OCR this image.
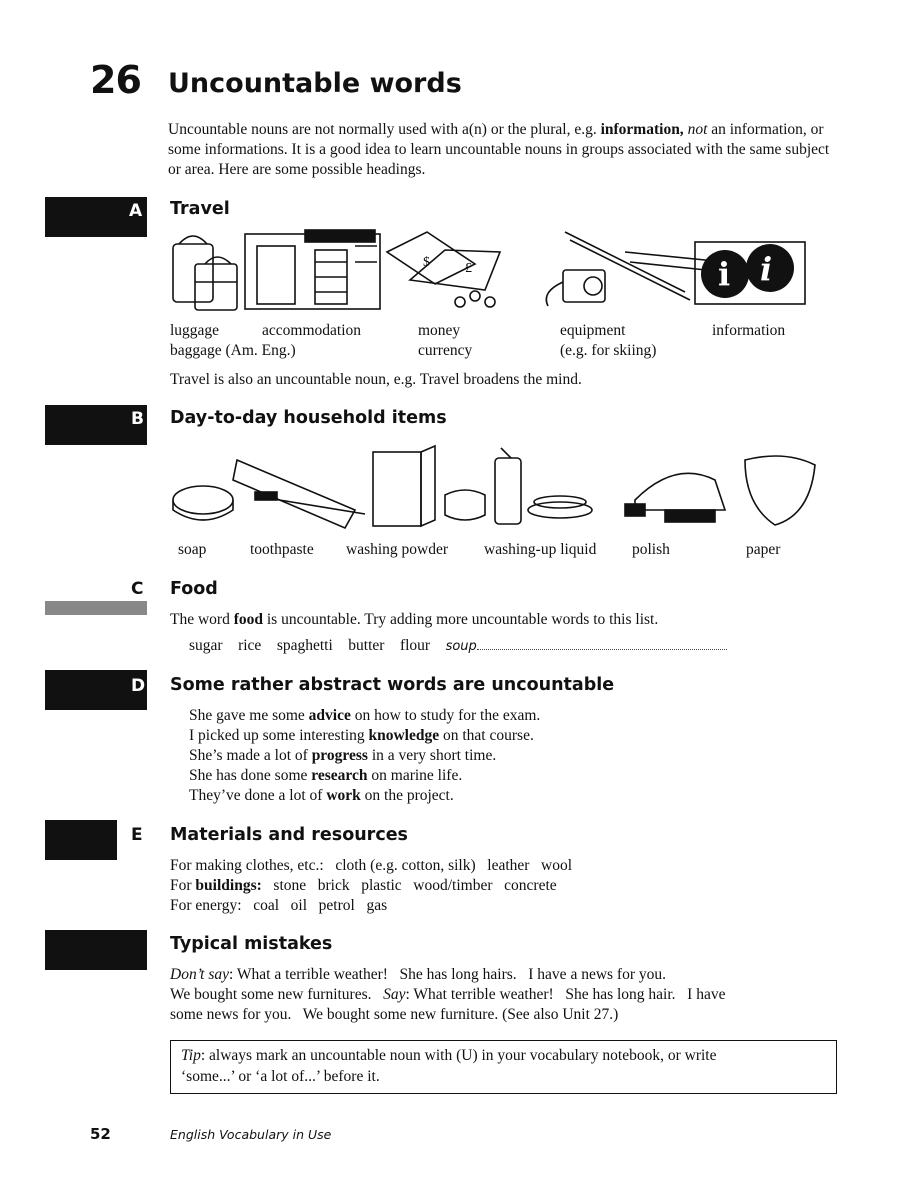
26 Uncountable words
Uncountable nouns are not normally used with a(n) or the plural, e.g. information, not an information, or some informations. It is a good idea to learn uncountable nouns in groups associated with the same subject or area. Here are some possible headings.
A Travel
$	£	i i
luggage
baggage (Am. Eng.)
accommodation	money
currency
equipment
(e.g. for skiing)
information
Travel is also an uncountable noun, e.g. Travel broadens the mind.
B Day-to-day household items
soap	toothpaste washing powder washing-up liquid polish	paper
C Food
The word food is uncountable. Try adding more uncountable words to this list.
sugar rice spaghetti butter flour soup
D Some rather abstract words are uncountable
She gave me some advice on how to study for the exam.
I picked up some interesting knowledge on that course.
She’s made a lot of progress in a very short time.
She has done some research on marine life.
They’ve done a lot of work on the project.
E Materials and resources
For making clothes, etc.: cloth (e.g. cotton, silk)   leather   wool
For buildings: stone   brick   plastic   wood/timber   concrete
For energy: coal   oil   petrol   gas
Typical mistakes
Don’t say: What a terrible weather!   She has long hairs.   I have a news for you.
We bought some new furnitures.   Say: What terrible weather!   She has long hair.   I have
some news for you.   We bought some new furniture. (See also Unit 27.)
Tip: always mark an uncountable noun with (U) in your vocabulary notebook, or write
‘some...’ or ‘a lot of...’ before it.
52	English Vocabulary in Use
